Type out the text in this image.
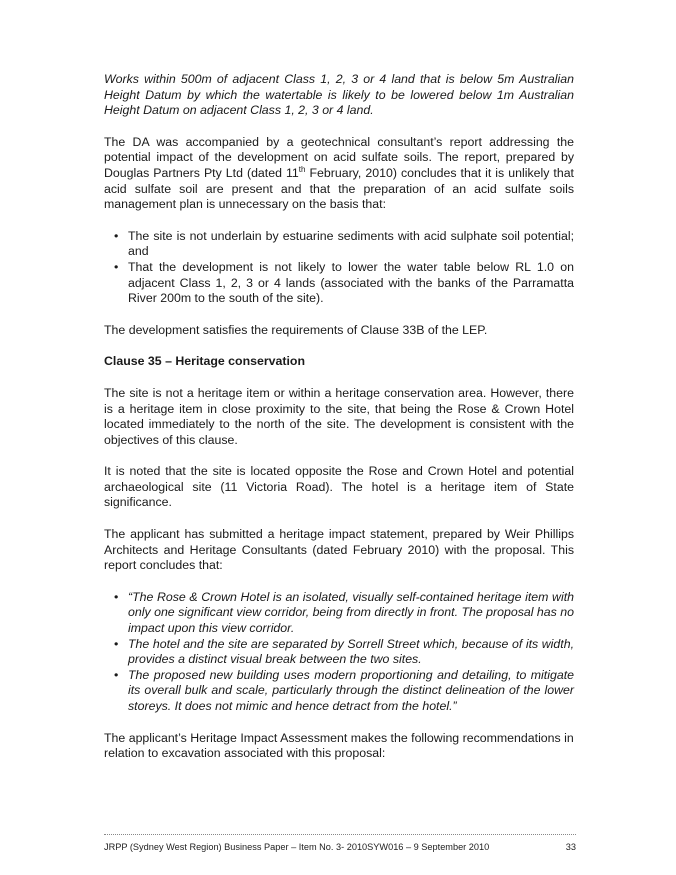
Works within 500m of adjacent Class 1, 2, 3 or 4 land that is below 5m Australian Height Datum by which the watertable is likely to be lowered below 1m Australian Height Datum on adjacent Class 1, 2, 3 or 4 land.

The DA was accompanied by a geotechnical consultant’s report addressing the potential impact of the development on acid sulfate soils. The report, prepared by Douglas Partners Pty Ltd (dated 11th February, 2010) concludes that it is unlikely that acid sulfate soil are present and that the preparation of an acid sulfate soils management plan is unnecessary on the basis that:

• The site is not underlain by estuarine sediments with acid sulphate soil potential; and
• That the development is not likely to lower the water table below RL 1.0 on adjacent Class 1, 2, 3 or 4 lands (associated with the banks of the Parramatta River 200m to the south of the site).

The development satisfies the requirements of Clause 33B of the LEP.

Clause 35 – Heritage conservation

The site is not a heritage item or within a heritage conservation area. However, there is a heritage item in close proximity to the site, that being the Rose & Crown Hotel located immediately to the north of the site. The development is consistent with the objectives of this clause.

It is noted that the site is located opposite the Rose and Crown Hotel and potential archaeological site (11 Victoria Road). The hotel is a heritage item of State significance.

The applicant has submitted a heritage impact statement, prepared by Weir Phillips Architects and Heritage Consultants (dated February 2010) with the proposal. This report concludes that:

• “The Rose & Crown Hotel is an isolated, visually self-contained heritage item with only one significant view corridor, being from directly in front. The proposal has no impact upon this view corridor.
• The hotel and the site are separated by Sorrell Street which, because of its width, provides a distinct visual break between the two sites.
• The proposed new building uses modern proportioning and detailing, to mitigate its overall bulk and scale, particularly through the distinct delineation of the lower storeys. It does not mimic and hence detract from the hotel.”

The applicant’s Heritage Impact Assessment makes the following recommendations in relation to excavation associated with this proposal:

JRPP (Sydney West Region) Business Paper – Item No. 3- 2010SYW016 – 9 September 2010	33
